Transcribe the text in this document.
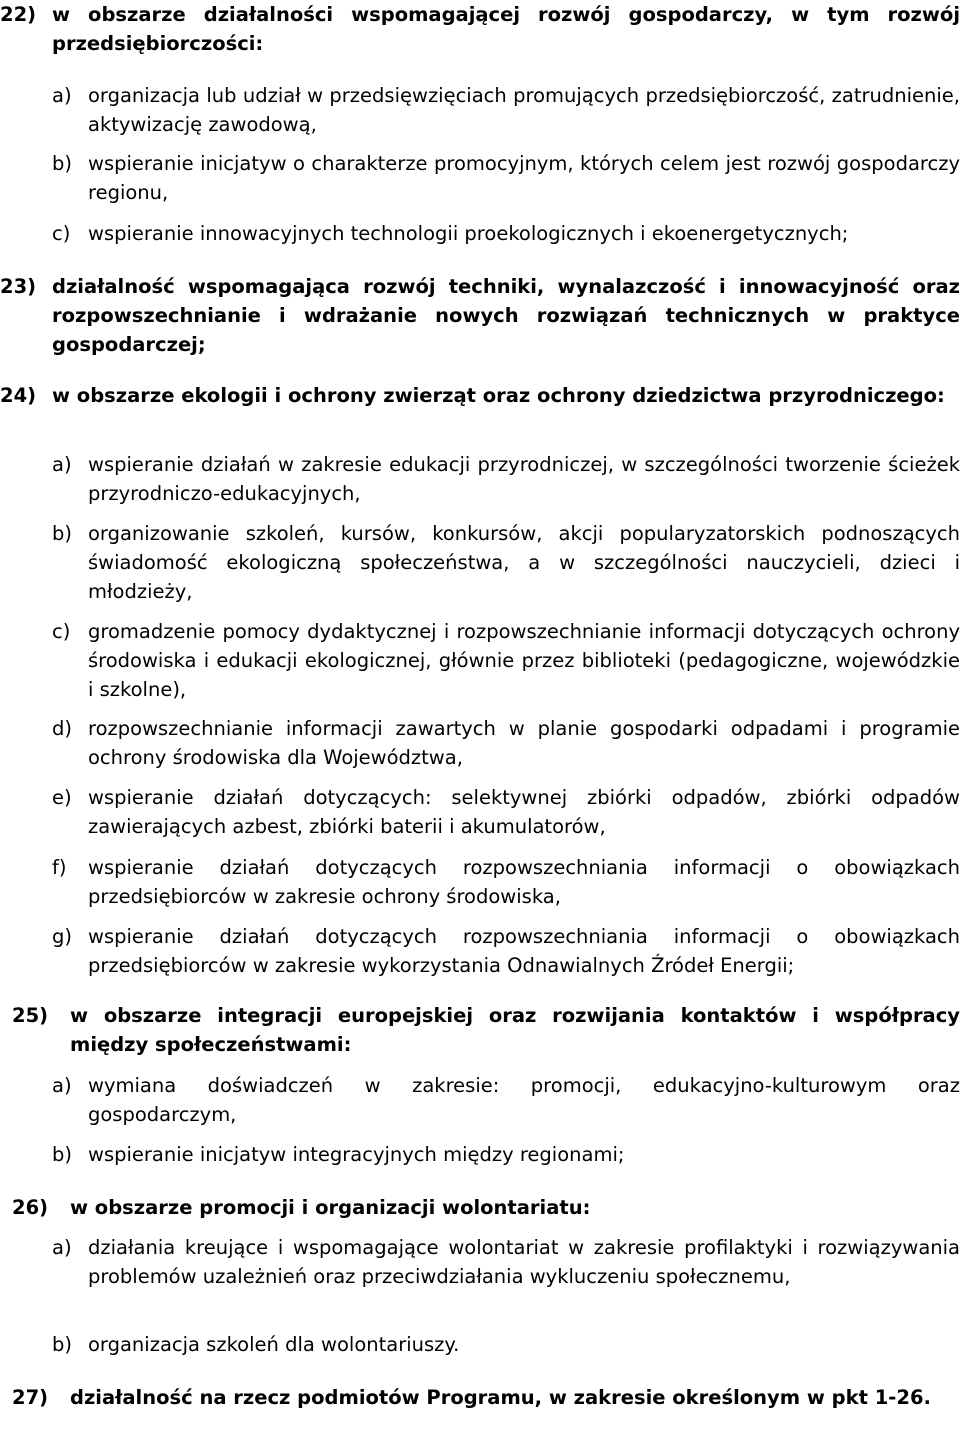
22) w obszarze działalności wspomagającej rozwój gospodarczy, w tym rozwój przedsiębiorczości:
a) organizacja lub udział w przedsięwzięciach promujących przedsiębiorczość, zatrudnienie, aktywizację zawodową,
b) wspieranie inicjatyw o charakterze promocyjnym, których celem jest rozwój gospodarczy regionu,
c) wspieranie innowacyjnych technologii proekologicznych i ekoenergetycznych;
23) działalność wspomagająca rozwój techniki, wynalazczość i innowacyjność oraz rozpowszechnianie i wdrażanie nowych rozwiązań technicznych w praktyce gospodarczej;
24) w obszarze ekologii i ochrony zwierząt oraz ochrony dziedzictwa przyrodniczego:
a) wspieranie działań w zakresie edukacji przyrodniczej, w szczególności tworzenie ścieżek przyrodniczo-edukacyjnych,
b) organizowanie szkoleń, kursów, konkursów, akcji popularyzatorskich podnoszących świadomość ekologiczną społeczeństwa, a w szczególności nauczycieli, dzieci i młodzieży,
c) gromadzenie pomocy dydaktycznej i rozpowszechnianie informacji dotyczących ochrony środowiska i edukacji ekologicznej, głównie przez biblioteki (pedagogiczne, wojewódzkie i szkolne),
d) rozpowszechnianie informacji zawartych w planie gospodarki odpadami i programie ochrony środowiska dla Województwa,
e) wspieranie działań dotyczących: selektywnej zbiórki odpadów, zbiórki odpadów zawierających azbest, zbiórki baterii i akumulatorów,
f)	wspieranie działań dotyczących rozpowszechniania informacji o obowiązkach przedsiębiorców w zakresie ochrony środowiska,
g) wspieranie działań dotyczących rozpowszechniania informacji o obowiązkach przedsiębiorców w zakresie wykorzystania Odnawialnych Źródeł Energii;
25)	w obszarze integracji europejskiej oraz rozwijania kontaktów i współpracy między społeczeństwami:
a) wymiana doświadczeń w zakresie: promocji, edukacyjno-kulturowym oraz gospodarczym,
b) wspieranie inicjatyw integracyjnych między regionami;
26)	w obszarze promocji i organizacji wolontariatu:
a) działania kreujące i wspomagające wolontariat w zakresie profilaktyki i rozwiązywania problemów uzależnień oraz przeciwdziałania wykluczeniu społecznemu,
b) organizacja szkoleń dla wolontariuszy.
27)	działalność na rzecz podmiotów Programu, w zakresie określonym w pkt 1-26.
